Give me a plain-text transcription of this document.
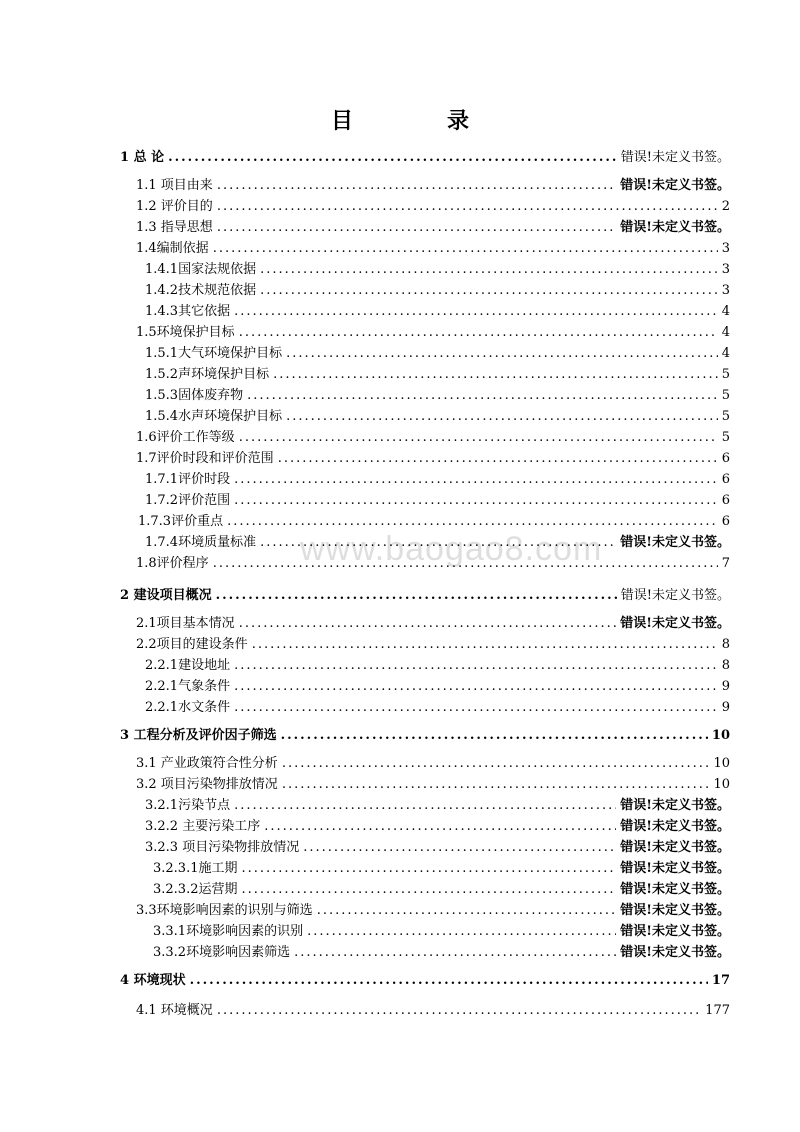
目　录
www.baogao8.com
1 总 论 .....	错误!未定义书签。
1.1 项目由来 .....	错误!未定义书签。
1.2 评价目的 .....	2
1.3 指导思想 .....	错误!未定义书签。
1.4编制依据 .....	3
1.4.1国家法规依据 .....	3
1.4.2技术规范依据 .....	3
1.4.3其它依据 .....	4
1.5环境保护目标 .....	4
1.5.1大气环境保护目标 .....	4
1.5.2声环境保护目标 .....	5
1.5.3固体废弃物 .....	5
1.5.4水声环境保护目标 .....	5
1.6评价工作等级 .....	5
1.7评价时段和评价范围 .....	6
1.7.1评价时段 .....	6
1.7.2评价范围 .....	6
1.7.3评价重点 .....	6
1.7.4环境质量标准 .....	错误!未定义书签。
1.8评价程序 .....	7
2 建设项目概况 .....	错误!未定义书签。
2.1项目基本情况 .....	错误!未定义书签。
2.2项目的建设条件 .....	8
2.2.1建设地址 .....	8
2.2.1气象条件 .....	9
2.2.1水文条件 .....	9
3 工程分析及评价因子筛选 .....	10
3.1 产业政策符合性分析 .....	10
3.2 项目污染物排放情况 .....	10
3.2.1污染节点 .....	错误!未定义书签。
3.2.2 主要污染工序 .....	错误!未定义书签。
3.2.3 项目污染物排放情况 .....	错误!未定义书签。
3.2.3.1施工期 .....	错误!未定义书签。
3.2.3.2运营期 .....	错误!未定义书签。
3.3环境影响因素的识别与筛选 .....	错误!未定义书签。
3.3.1环境影响因素的识别 .....	错误!未定义书签。
3.3.2环境影响因素筛选 .....	错误!未定义书签。
4 环境现状 .....	17
4.1 环境概况 .....	177
